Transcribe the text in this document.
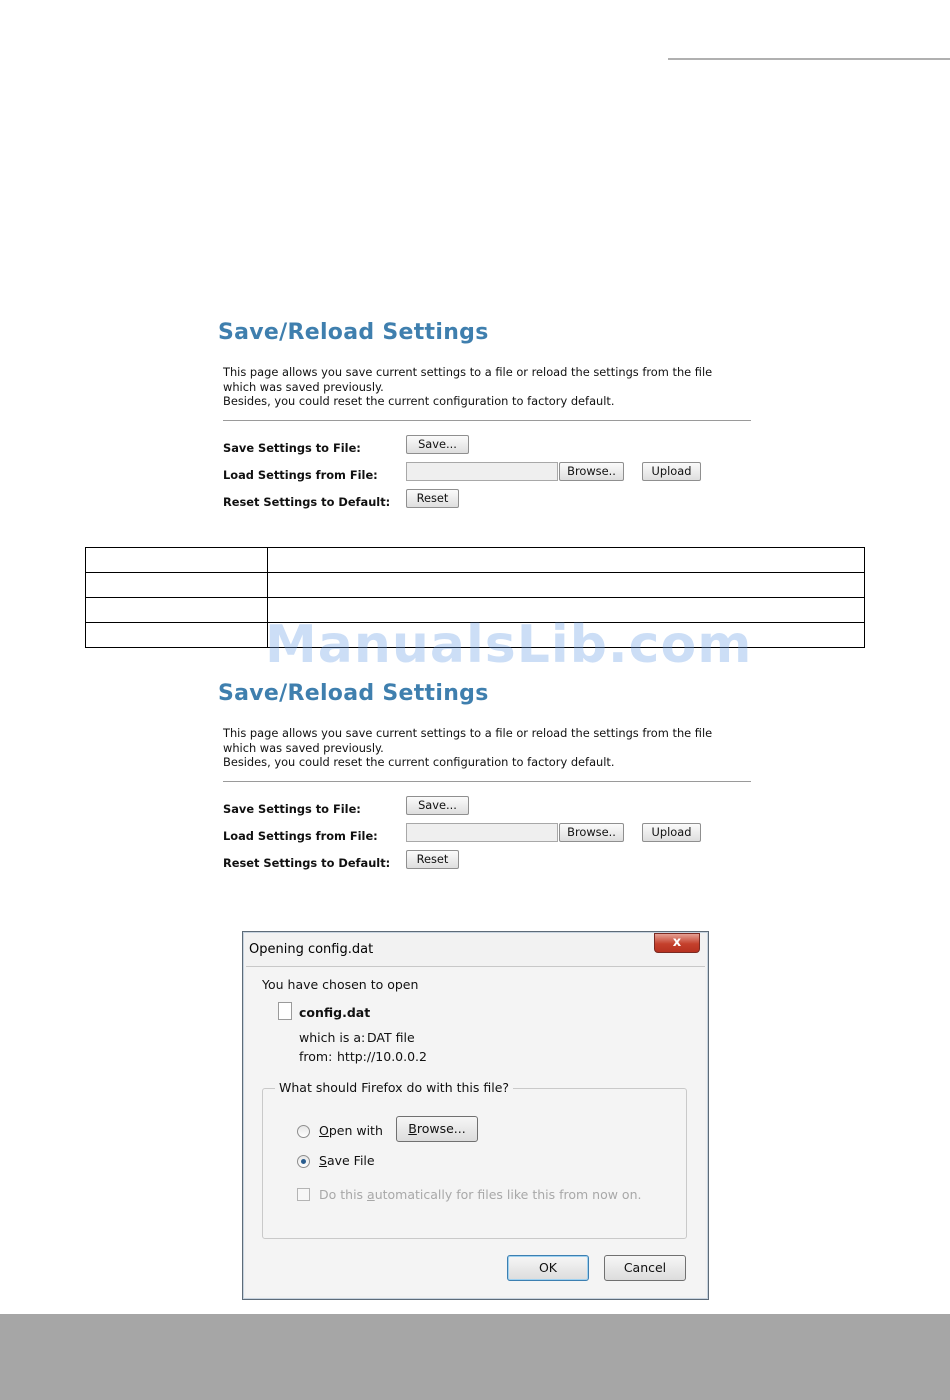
Save/Reload Settings

This page allows you save current settings to a file or reload the settings from the file

which was saved previously.

Besides, you could reset the current configuration to factory default.

Save Settings to File:	Save...
Load Settings from File:	Browse..	Upload
Reset Settings to Default:	Reset

ManualsLib.com
Save/Reload Settings

This page allows you save current settings to a file or reload the settings from the file

which was saved previously.

Besides, you could reset the current configuration to factory default.

Save Settings to File:	Save...
Load Settings from File:	Browse..	Upload
Reset Settings to Default:	Reset
Opening config.dat	x
You have chosen to open
config.dat
which is a: DAT file
from: http://10.0.0.2
What should Firefox do with this file?
Open with	Browse...
Save File
Do this automatically for files like this from now on.
OK	Cancel
